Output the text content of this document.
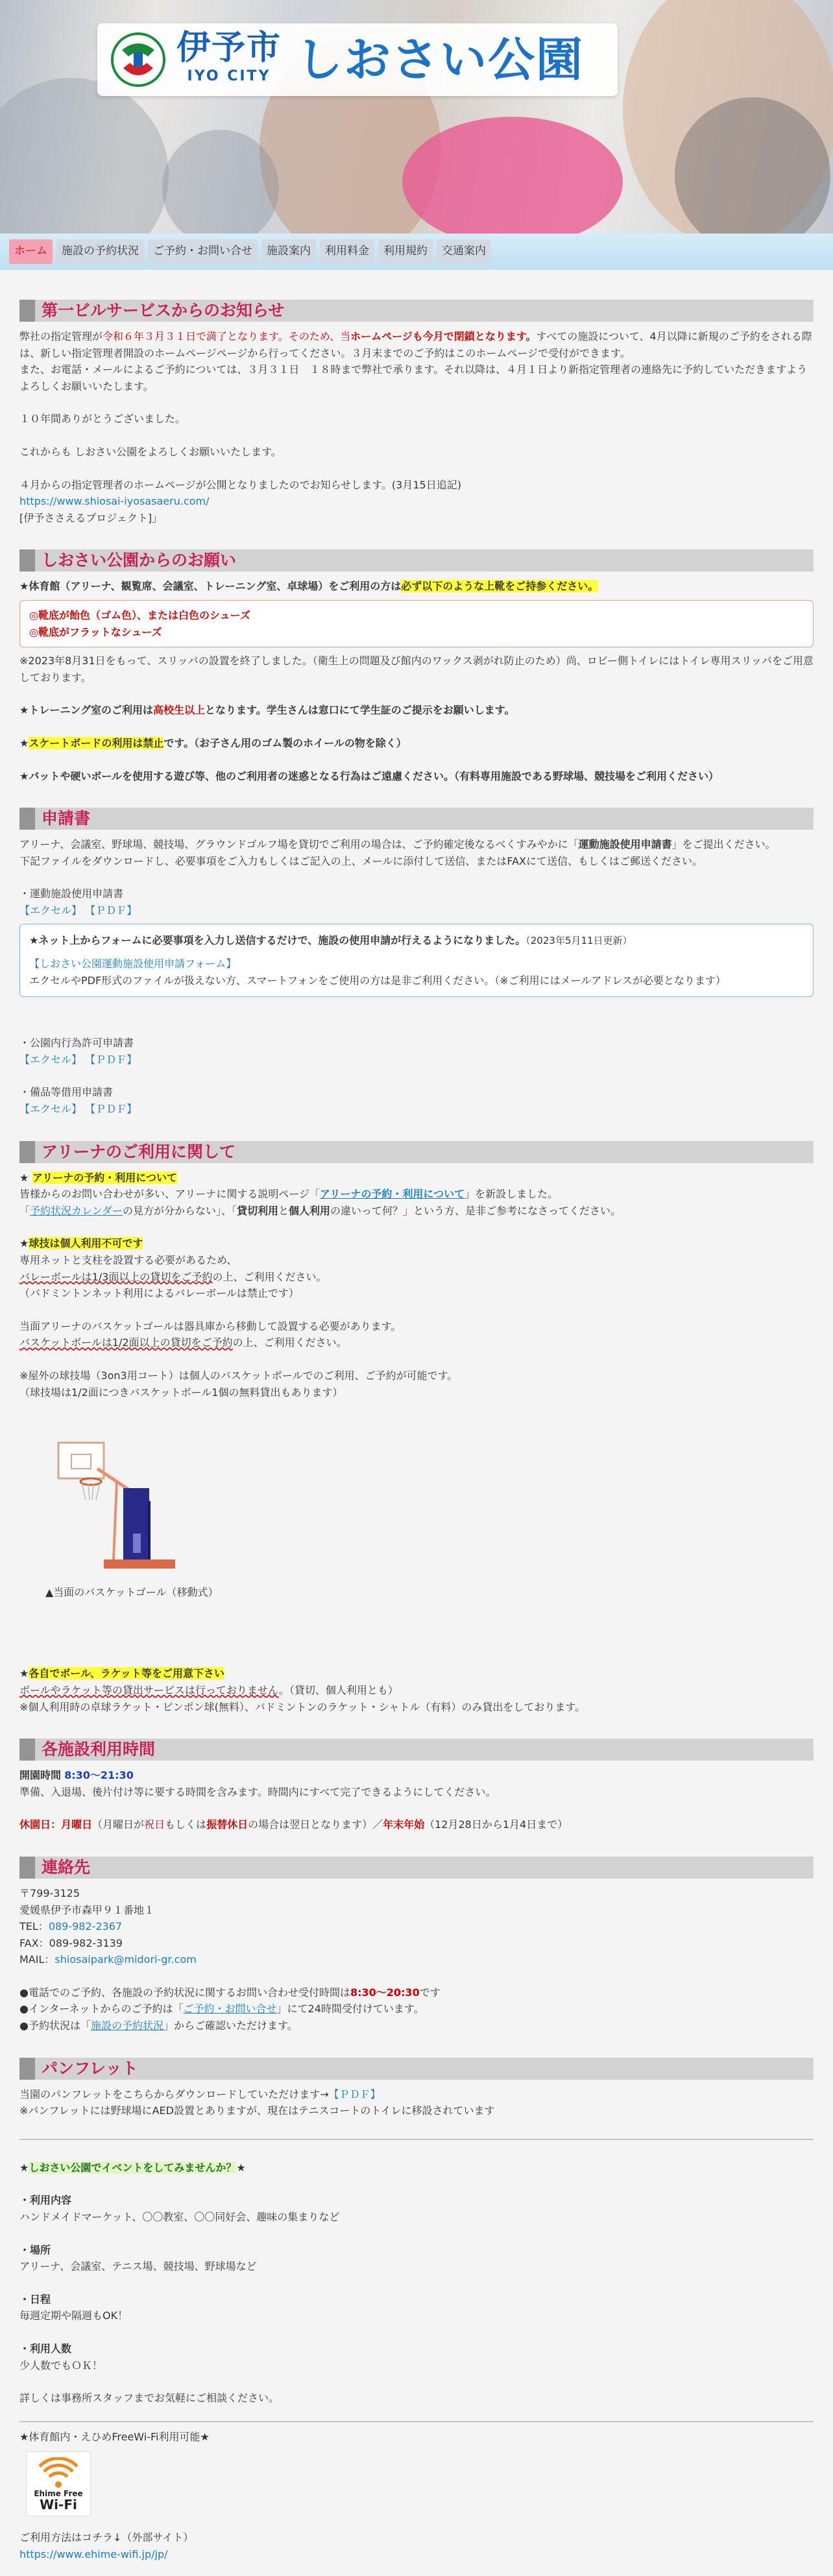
伊予市
IYO CITY しおさい公園
ホーム	施設の予約状況	ご予約・お問い合せ	施設案内	利用料金	利用規約	交通案内
第一ビルサービスからのお知らせ

弊社の指定管理が令和６年３月３１日で満了となります。そのため、当ホームページも今月で閉鎖となります。すべての施設について、4月以降に新規のご予約をされる際は、新しい指定管理者開設のホームページページから行ってください。３月末までのご予約はこのホームページで受付ができます。

また、お電話・メールによるご予約については、３月３１日　１８時まで弊社で承ります。それ以降は、４月１日より新指定管理者の連絡先に予約していただきますようよろしくお願いいたします。

１０年間ありがとうございました。

これからも しおさい公園をよろしくお願いいたします。

４月からの指定管理者のホームページが公開となりましたのでお知らせします。(3月15日追記)

https://www.shiosai-iyosasaeru.com/

[伊予ささえるプロジェクト]」

しおさい公園からのお願い

★体育館（アリーナ、観覧席、会議室、トレーニング室、卓球場）をご利用の方は必ず以下のような上靴をご持参ください。

◎靴底が飴色（ゴム色）、または白色のシューズ

◎靴底がフラットなシューズ

※2023年8月31日をもって、スリッパの設置を終了しました。（衛生上の問題及び館内のワックス剥がれ防止のため）尚、ロビー側トイレにはトイレ専用スリッパをご用意しております。

★トレーニング室のご利用は高校生以上となります。学生さんは窓口にて学生証のご提示をお願いします。

★スケートボードの利用は禁止です。（お子さん用のゴム製のホイールの物を除く）

★バットや硬いボールを使用する遊び等、他のご利用者の迷惑となる行為はご遠慮ください。（有料専用施設である野球場、競技場をご利用ください）

申請書

アリーナ、会議室、野球場、競技場、グラウンドゴルフ場を貸切でご利用の場合は、ご予約確定後なるべくすみやかに「運動施設使用申請書」をご提出ください。

下記ファイルをダウンロードし、必要事項をご入力もしくはご記入の上、メールに添付して送信、またはFAXにて送信、もしくはご郵送ください。

・運動施設使用申請書

【エクセル】 【ＰＤＦ】

★ネット上からフォームに必要事項を入力し送信するだけで、施設の使用申請が行えるようになりました。（2023年5月11日更新）

【しおさい公園運動施設使用申請フォーム】

エクセルやPDF形式のファイルが扱えない方、スマートフォンをご使用の方は是非ご利用ください。（※ご利用にはメールアドレスが必要となります）

・公園内行為許可申請書

【エクセル】 【ＰＤＦ】

・備品等借用申請書

【エクセル】 【ＰＤＦ】

アリーナのご利用に関して

★ アリーナの予約・利用について

皆様からのお問い合わせが多い、アリーナに関する説明ページ「アリーナの予約・利用について」を新設しました。

「予約状況カレンダーの見方が分からない」、「貸切利用と個人利用の違いって何？」という方、是非ご参考になさってください。

★球技は個人利用不可です

専用ネットと支柱を設置する必要があるため、

バレーボールは1/3面以上の貸切をご予約の上、ご利用ください。

（バドミントンネット利用によるバレーボールは禁止です）

当面アリーナのバスケットゴールは器具庫から移動して設置する必要があります。

バスケットボールは1/2面以上の貸切をご予約の上、ご利用ください。

※屋外の球技場（3on3用コート）は個人のバスケットボールでのご利用、ご予約が可能です。

（球技場は1/2面につきバスケットボール1個の無料貸出もあります）

▲当面のバスケットゴール（移動式）

★各自でボール、ラケット等をご用意下さい

ボールやラケット等の貸出サービスは行っておりません。（貸切、個人利用とも）

※個人利用時の卓球ラケット・ピンポン球(無料）、バドミントンのラケット・シャトル（有料）のみ貸出をしております。

各施設利用時間

開園時間 8:30～21:30

準備、入退場、後片付け等に要する時間を含みます。時間内にすべて完了できるようにしてください。

休園日：月曜日（月曜日が祝日もしくは振替休日の場合は翌日となります）／年末年始（12月28日から1月4日まで）

連絡先

〒799-3125

愛媛県伊予市森甲９１番地１

TEL：089-982-2367

FAX：089-982-3139

MAIL：shiosaipark@midori-gr.com

●電話でのご予約、各施設の予約状況に関するお問い合わせ受付時間は8:30～20:30です

●インターネットからのご予約は「ご予約・お問い合せ」にて24時間受付けています。

●予約状況は「施設の予約状況」からご確認いただけます。

パンフレット

当園のパンフレットをこちらからダウンロードしていただけます→【ＰＤＦ】

※パンフレットには野球場にAED設置とありますが、現在はテニスコートのトイレに移設されています

★しおさい公園でイベントをしてみませんか？★

・利用内容

ハンドメイドマーケット、〇〇教室、〇〇同好会、趣味の集まりなど

・場所

アリーナ、会議室、テニス場、競技場、野球場など

・日程

毎週定期や隔週もOK！

・利用人数

少人数でもＯＫ！

詳しくは事務所スタッフまでお気軽にご相談ください。

★体育館内・えひめFreeWi-Fi利用可能★

Ehime Free
Wi-Fi

ご利用方法はコチラ↓（外部サイト）

https://www.ehime-wifi.jp/jp/
